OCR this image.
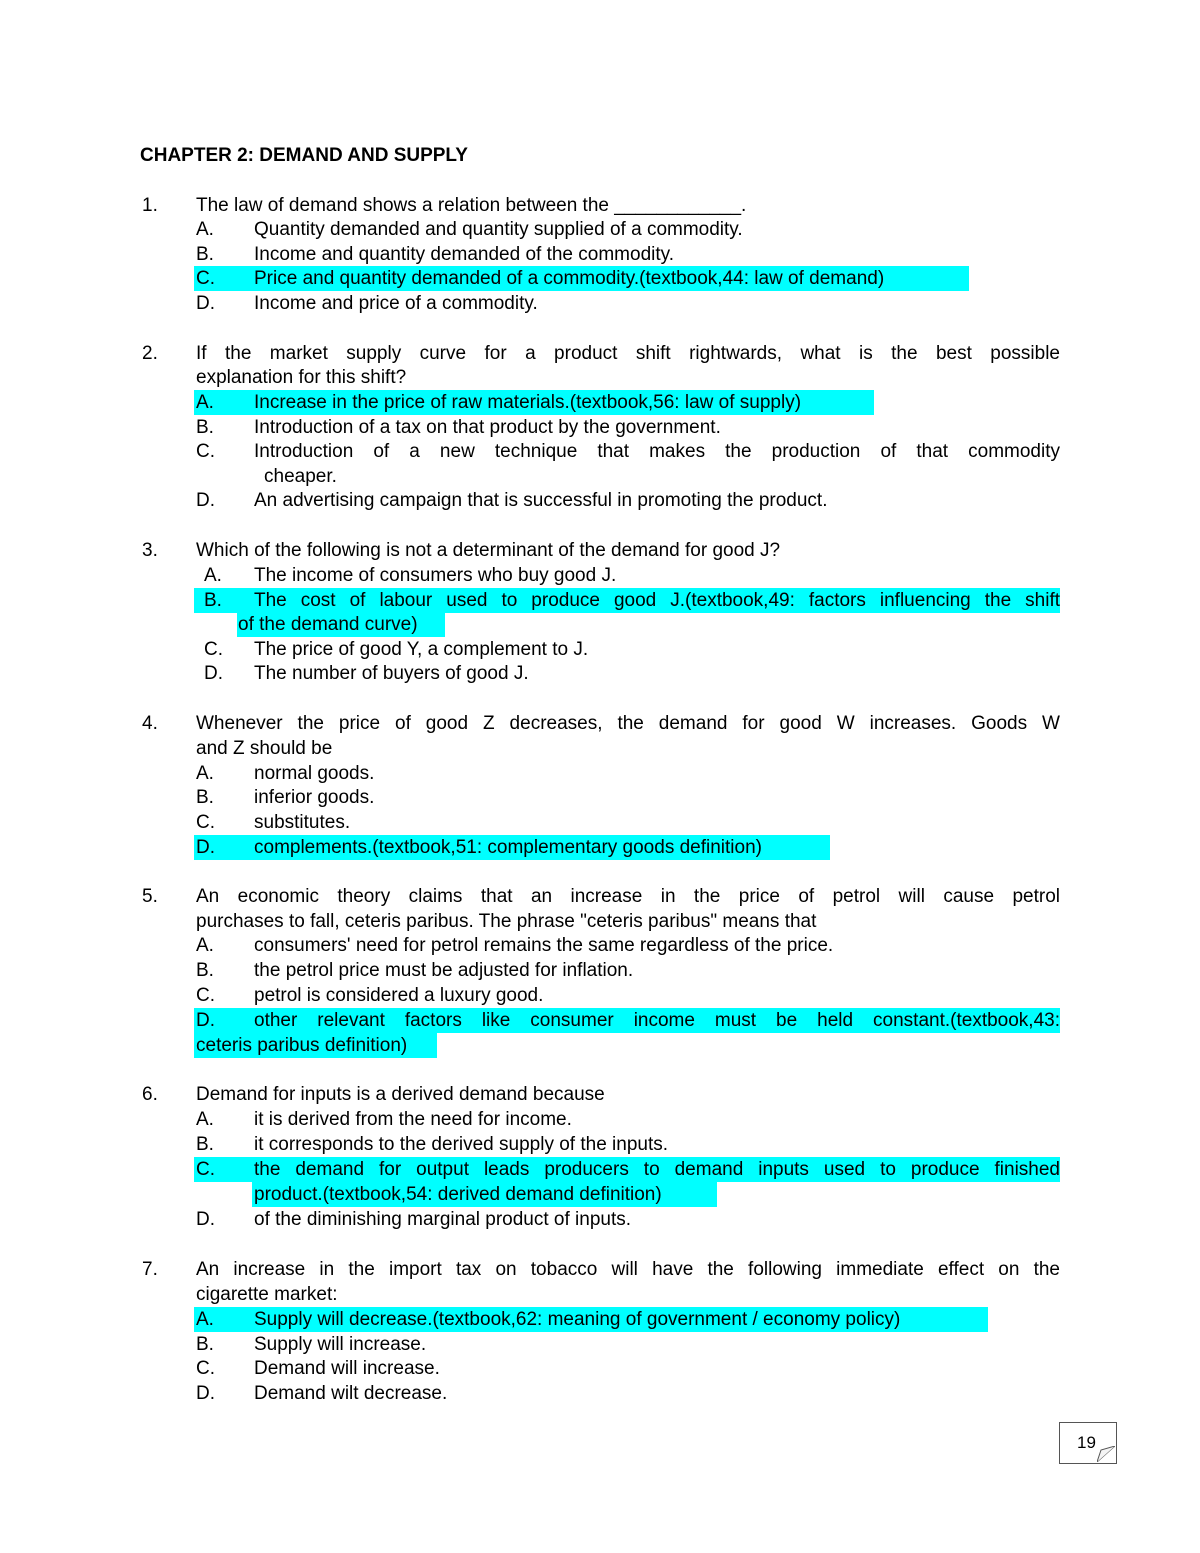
CHAPTER 2: DEMAND AND SUPPLY
1. The law of demand shows a relation between the ____________.
A. Quantity demanded and quantity supplied of a commodity.
B. Income and quantity demanded of the commodity.
C. Price and quantity demanded of a commodity.(textbook,44: law of demand)
D. Income and price of a commodity.
2. If the market supply curve for a product shift rightwards, what is the best possible
explanation for this shift?
A. Increase in the price of raw materials.(textbook,56: law of supply)
B. Introduction of a tax on that product by the government.
C. Introduction of a new technique that makes the production of that commodity
cheaper.
D. An advertising campaign that is successful in promoting the product.
3. Which of the following is not a determinant of the demand for good J?
A. The income of consumers who buy good J.
B. The cost of labour used to produce good J.(textbook,49: factors influencing the shift
of the demand curve)
C. The price of good Y, a complement to J.
D. The number of buyers of good J.
4. Whenever the price of good Z decreases, the demand for good W increases. Goods W
and Z should be
A. normal goods.
B. inferior goods.
C. substitutes.
D. complements.(textbook,51: complementary goods definition)
5. An economic theory claims that an increase in the price of petrol will cause petrol
purchases to fall, ceteris paribus. The phrase "ceteris paribus" means that
A. consumers' need for petrol remains the same regardless of the price.
B. the petrol price must be adjusted for inflation.
C. petrol is considered a luxury good.
D. other relevant factors like consumer income must be held constant.(textbook,43:
ceteris paribus definition)
6. Demand for inputs is a derived demand because
A. it is derived from the need for income.
B. it corresponds to the derived supply of the inputs.
C. the demand for output leads producers to demand inputs used to produce finished
product.(textbook,54: derived demand definition)
D. of the diminishing marginal product of inputs.
7. An increase in the import tax on tobacco will have the following immediate effect on the
cigarette market:
A. Supply will decrease.(textbook,62: meaning of government / economy policy)
B. Supply will increase.
C. Demand will increase.
D. Demand wilt decrease.
19
